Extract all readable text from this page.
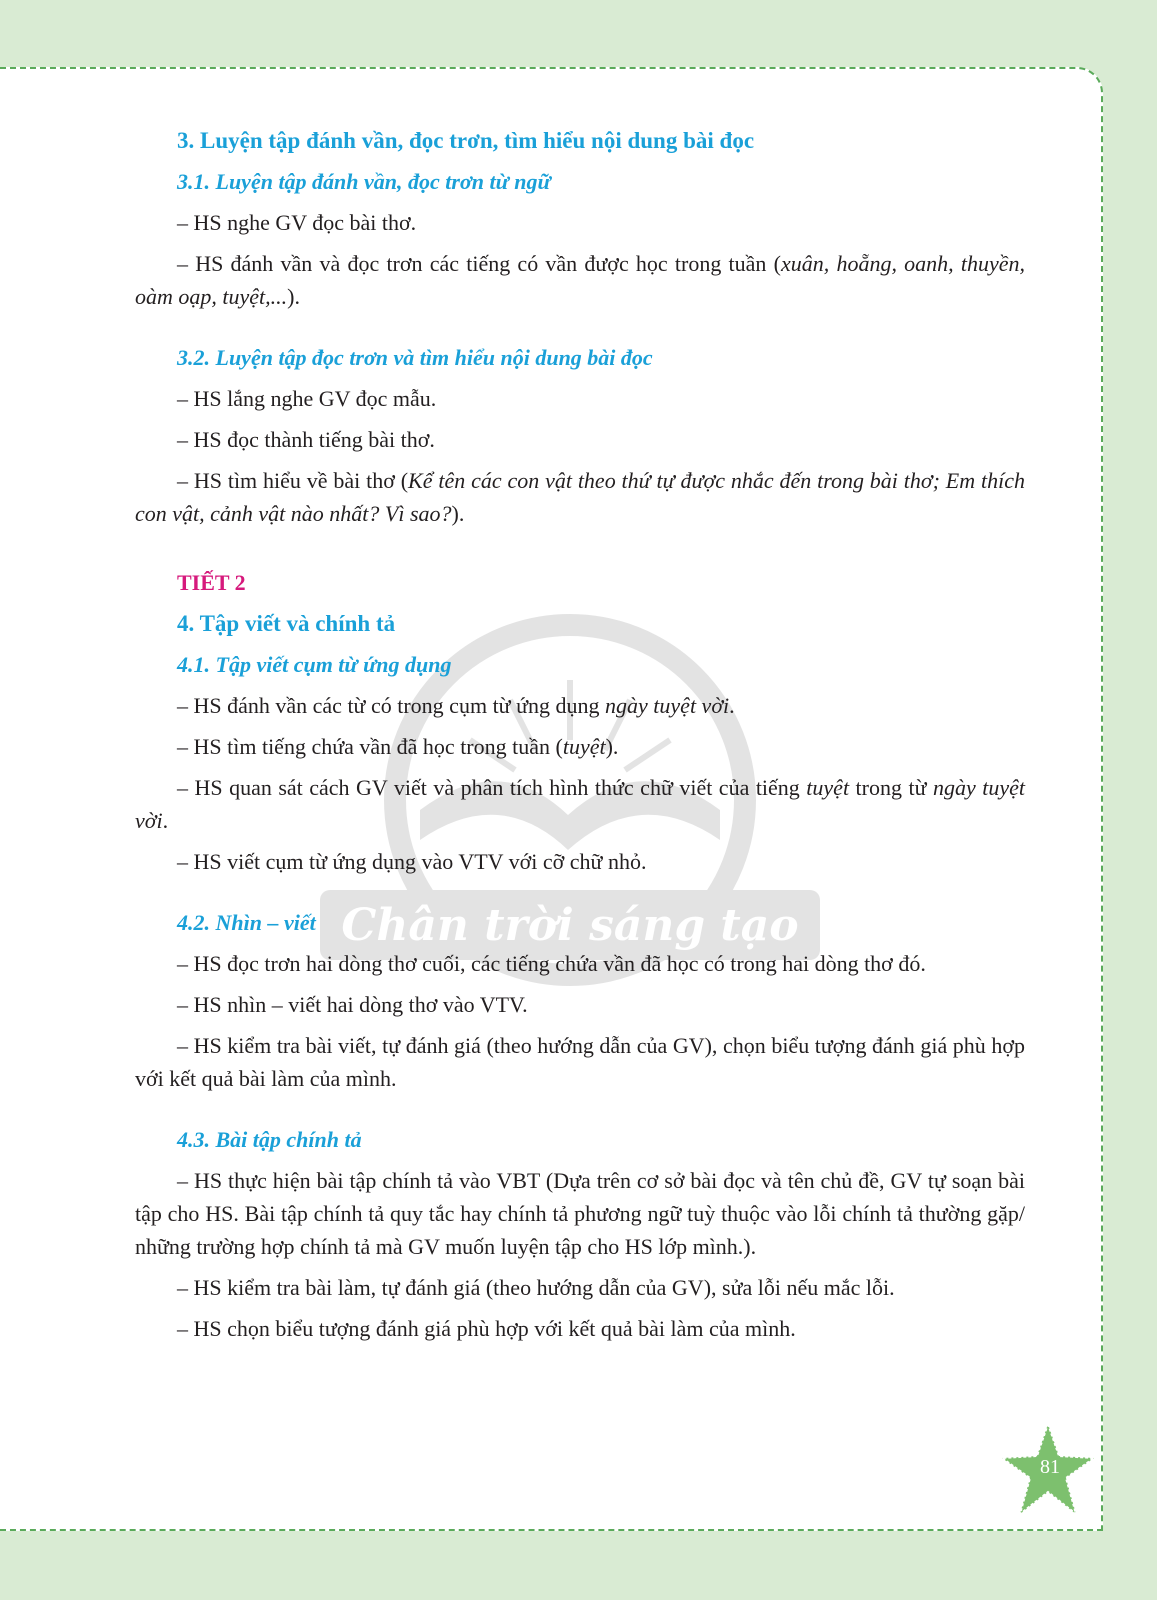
3. Luyện tập đánh vần, đọc trơn, tìm hiểu nội dung bài đọc

3.1. Luyện tập đánh vần, đọc trơn từ ngữ

– HS nghe GV đọc bài thơ.

– HS đánh vần và đọc trơn các tiếng có vần được học trong tuần (xuân, hoẵng, oanh, thuyền, oàm oạp, tuyệt,...).

3.2. Luyện tập đọc trơn và tìm hiểu nội dung bài đọc

– HS lắng nghe GV đọc mẫu.

– HS đọc thành tiếng bài thơ.

– HS tìm hiểu về bài thơ (Kể tên các con vật theo thứ tự được nhắc đến trong bài thơ; Em thích con vật, cảnh vật nào nhất? Vì sao?).

TIẾT 2

4. Tập viết và chính tả

4.1. Tập viết cụm từ ứng dụng

– HS đánh vần các từ có trong cụm từ ứng dụng ngày tuyệt vời.

– HS tìm tiếng chứa vần đã học trong tuần (tuyệt).

– HS quan sát cách GV viết và phân tích hình thức chữ viết của tiếng tuyệt trong từ ngày tuyệt vời.

– HS viết cụm từ ứng dụng vào VTV với cỡ chữ nhỏ.

4.2. Nhìn – viết

– HS đọc trơn hai dòng thơ cuối, các tiếng chứa vần đã học có trong hai dòng thơ đó.

– HS nhìn – viết hai dòng thơ vào VTV.

– HS kiểm tra bài viết, tự đánh giá (theo hướng dẫn của GV), chọn biểu tượng đánh giá phù hợp với kết quả bài làm của mình.

4.3. Bài tập chính tả

– HS thực hiện bài tập chính tả vào VBT (Dựa trên cơ sở bài đọc và tên chủ đề, GV tự soạn bài tập cho HS. Bài tập chính tả quy tắc hay chính tả phương ngữ tuỳ thuộc vào lỗi chính tả thường gặp/ những trường hợp chính tả mà GV muốn luyện tập cho HS lớp mình.).

– HS kiểm tra bài làm, tự đánh giá (theo hướng dẫn của GV), sửa lỗi nếu mắc lỗi.

– HS chọn biểu tượng đánh giá phù hợp với kết quả bài làm của mình.

81
